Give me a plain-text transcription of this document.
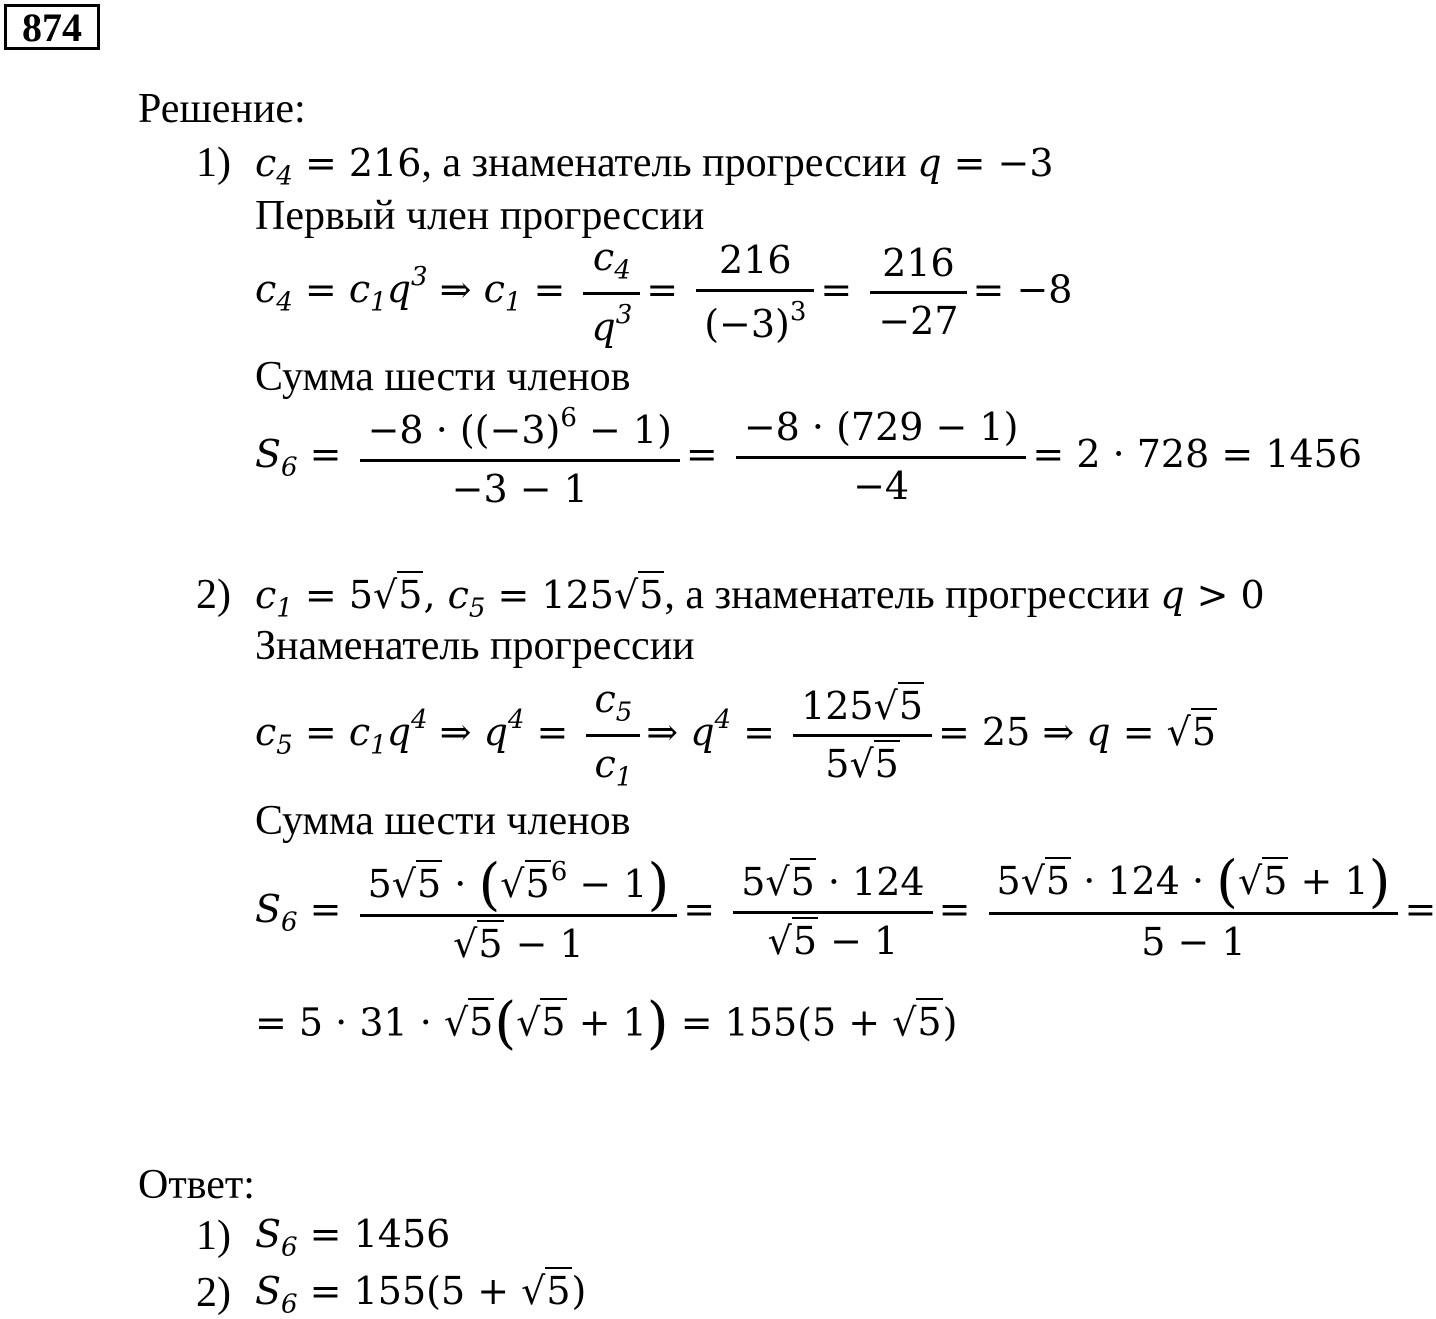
874
Решение:
1) $c_4 = 216$, а знаменатель прогрессии q = −3
Первый член прогрессии
$c_4 = c_1q^3$ ⇒ $c_1 = \frac{c_4}{q^3} = \frac{216}{(-3)^3} = \frac{216}{-27} = -8$
Сумма шести членов
$S_6 = \frac{-8 \cdot ((-3)^6 - 1)}{-3 - 1} = \frac{-8 \cdot (729 - 1)}{-4} = 2 \cdot 728 = 1456$
2) $c_1 = 5√5$, $c_5 = 125√5$, а знаменатель прогрессии q > 0
Знаменатель прогрессии
$c_5 = c_1q^4$ ⇒ $q^4 = \frac{c_5}{c_1}$ ⇒ $q^4 = \frac{125√5}{5√5} = 25$ ⇒ q = √5
Сумма шести членов
$S_6 = \frac{5√5 \cdot (√5^6 - 1)}{√5 - 1} = \frac{5√5 \cdot 124}{√5 - 1} = \frac{5√5 \cdot 124 \cdot (√5 + 1)}{5 - 1}$ =
= 5 · 31 · √5(√5 + 1) = 155(5 + √5)
Ответ:
1) $S_6 = 1456$
2) $S_6 = 155(5 + √5)$
